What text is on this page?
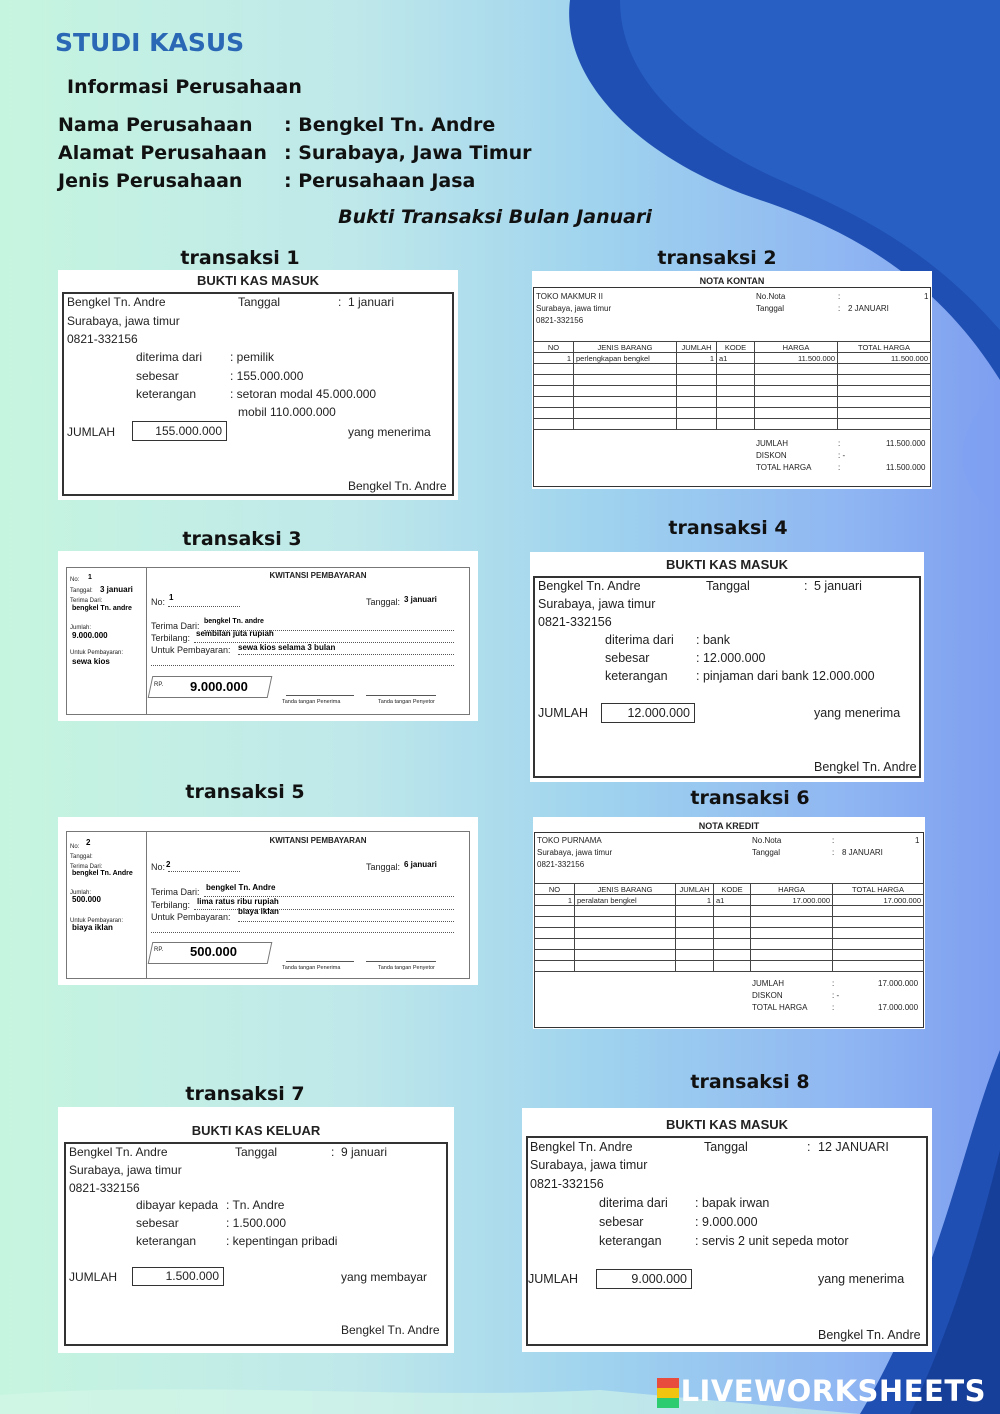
STUDI KASUS
Informasi Perusahaan
Nama Perusahaan : Bengkel Tn. Andre
Alamat Perusahaan : Surabaya, Jawa Timur
Jenis Perusahaan : Perusahaan Jasa
Bukti Transaksi Bulan Januari
transaksi 1	transaksi 2
transaksi 3	transaksi 4
transaksi 5	transaksi 6
transaksi 7
transaksi 8
BUKTI KAS MASUK
Bengkel Tn. Andre	Tanggal	: 1 januari
Surabaya, jawa timur
0821-332156
diterima dari : pemilik
sebesar	: 155.000.000
keterangan	: setoran modal 45.000.000
mobil 110.000.000
JUMLAH	155.000.000	yang menerima
Bengkel Tn. Andre
NOTA KONTAN
TOKO MAKMUR II
Surabaya, jawa timur
0821-332156
No.Nota	:	1
Tanggal	: 2 JANUARI
NO	JENIS BARANG	JUMLAH	KODE	HARGA	TOTAL HARGA
1	perlengkapan bengkel	1	a1	11.500.000	11.500.000

JUMLAH	:	11.500.000
DISKON	: -
TOTAL HARGA	:	11.500.000
No: 1
Tanggal: 3 januari
Terima Dari:
bengkel Tn. andre
Jumlah:
9.000.000
Untuk Pembayaran:
sewa kios
KWITANSI PEMBAYARAN
No: 1	Tanggal: 3 januari
Terima Dari: bengkel Tn. andre
Terbilang: sembilan juta rupiah
Untuk Pembayaran: sewa kios selama 3 bulan
RP. 9.000.000
Tanda tangan Penerima	Tanda tangan Penyetor
BUKTI KAS MASUK
Bengkel Tn. Andre	Tanggal	: 5 januari
Surabaya, jawa timur
0821-332156
diterima dari : bank
sebesar	: 12.000.000
keterangan : pinjaman dari bank 12.000.000
JUMLAH	12.000.000	yang menerima
Bengkel Tn. Andre
No: 2
Tanggal:
Terima Dari:
bengkel Tn. Andre
Jumlah:
500.000
Untuk Pembayaran:
biaya iklan
KWITANSI PEMBAYARAN
No: 2	Tanggal: 6 januari
Terima Dari: bengkel Tn. Andre
Terbilang: lima ratus ribu rupiah
Untuk Pembayaran:
biaya iklan
RP. 500.000
Tanda tangan Penerima	Tanda tangan Penyetor
NOTA KREDIT
TOKO PURNAMA
Surabaya, jawa timur
0821-332156
No.Nota	:	1
Tanggal	: 8 JANUARI
NO	JENIS BARANG	JUMLAH	KODE	HARGA	TOTAL HARGA
1	peralatan bengkel	1	a1	17.000.000	17.000.000

JUMLAH	:	17.000.000
DISKON	: -
TOTAL HARGA	:	17.000.000
BUKTI KAS KELUAR
Bengkel Tn. Andre	Tanggal	: 9 januari
Surabaya, jawa timur
0821-332156
dibayar kepada : Tn. Andre
sebesar	: 1.500.000
keterangan : kepentingan pribadi
JUMLAH	1.500.000	yang membayar
Bengkel Tn. Andre
BUKTI KAS MASUK
Bengkel Tn. Andre	Tanggal	: 12 JANUARI
Surabaya, jawa timur
0821-332156
diterima dari : bapak irwan
sebesar	: 9.000.000
keterangan	: servis 2 unit sepeda motor
JUMLAH	9.000.000	yang menerima
Bengkel Tn. Andre
LIVEWORKSHEETS
